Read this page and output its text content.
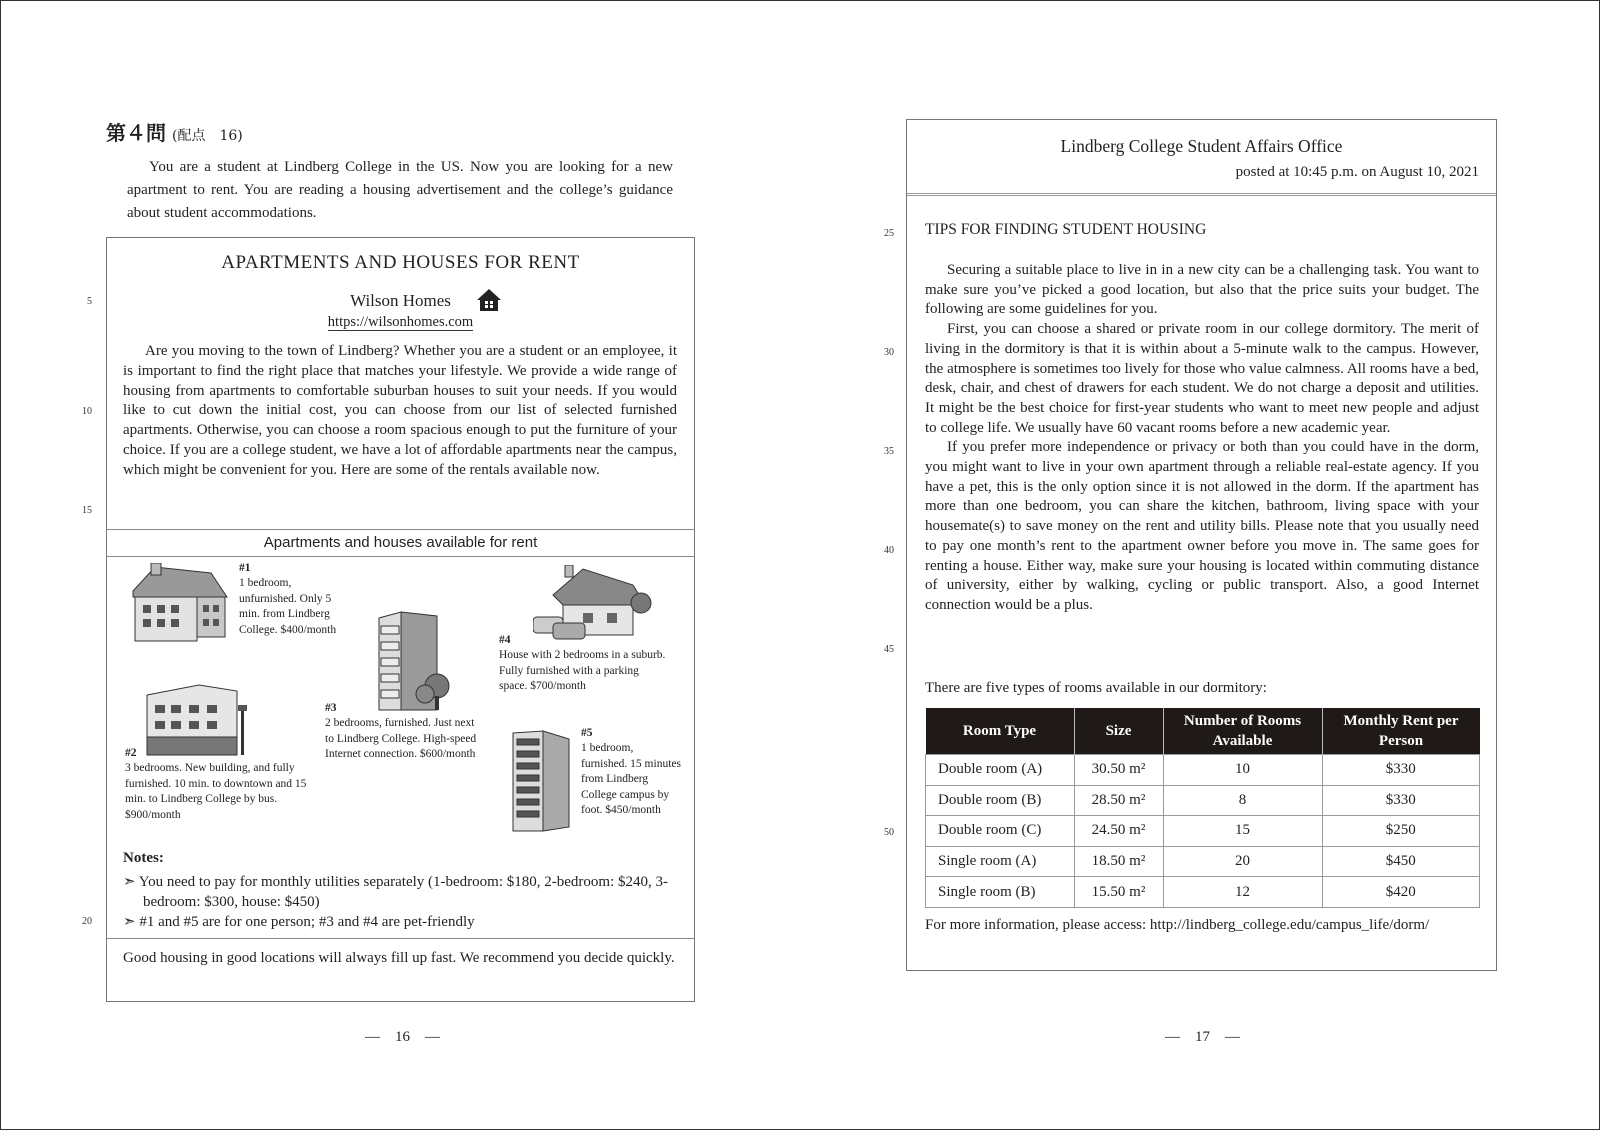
第４問 (配点　16)
You are a student at Lindberg College in the US. Now you are looking for a new apartment to rent. You are reading a housing advertisement and the college’s guidance about student accommodations.
5
10
15
20
APARTMENTS AND HOUSES FOR RENT
Wilson Homes
https://wilsonhomes.com
Are you moving to the town of Lindberg? Whether you are a student or an employee, it is important to find the right place that matches your lifestyle. We provide a wide range of housing from apartments to comfortable suburban houses to suit your needs. If you would like to cut down the initial cost, you can choose from our list of selected furnished apartments. Otherwise, you can choose a room spacious enough to put the furniture of your choice. If you are a college student, we have a lot of affordable apartments near the campus, which might be convenient for you. Here are some of the rentals available now.
Apartments and houses available for rent
#1
1 bedroom, unfurnished. Only 5 min. from Lindberg College. $400/month
#3
2 bedrooms, furnished. Just next to Lindberg College. High-speed Internet connection. $600/month
#4
House with 2 bedrooms in a suburb. Fully furnished with a parking space. $700/month
#2
3 bedrooms. New building, and fully furnished. 10 min. to downtown and 15 min. to Lindberg College by bus. $900/month
#5
1 bedroom, furnished. 15 minutes from Lindberg College campus by foot. $450/month
Notes:
➣ You need to pay for monthly utilities separately (1-bedroom: $180, 2-bedroom: $240, 3-bedroom: $300, house: $450)
➣ #1 and #5 are for one person; #3 and #4 are pet-friendly
Good housing in good locations will always fill up fast. We recommend you decide quickly.
—　16　—
25
30
35
40
45
50
Lindberg College Student Affairs Office
posted at 10:45 p.m. on August 10, 2021
TIPS FOR FINDING STUDENT HOUSING

Securing a suitable place to live in in a new city can be a challenging task. You want to make sure you’ve picked a good location, but also that the price suits your budget. The following are some guidelines for you.

First, you can choose a shared or private room in our college dormitory. The merit of living in the dormitory is that it is within about a 5-minute walk to the campus. However, the atmosphere is sometimes too lively for those who value calmness. All rooms have a bed, desk, chair, and chest of drawers for each student. We do not charge a deposit and utilities. It might be the best choice for first-year students who want to meet new people and adjust to college life. We usually have 60 vacant rooms before a new academic year.

If you prefer more independence or privacy or both than you could have in the dorm, you might want to live in your own apartment through a reliable real-estate agency. If you have a pet, this is the only option since it is not allowed in the dorm. If the apartment has more than one bedroom, you can share the kitchen, bathroom, living space with your housemate(s) to save money on the rent and utility bills. Please note that you usually need to pay one month’s rent to the apartment owner before you move in. The same goes for renting a house. Either way, make sure your housing is located within commuting distance of university, either by walking, cycling or public transport. Also, a good Internet connection would be a plus.

There are five types of rooms available in our dormitory:
Room Type	Size	Number of Rooms Available	Monthly Rent per Person
Double room (A)	30.50 m²	10	$330
Double room (B)	28.50 m²	8	$330
Double room (C)	24.50 m²	15	$250
Single room (A)	18.50 m²	20	$450
Single room (B)	15.50 m²	12	$420
For more information, please access: http://lindberg_college.edu/campus_life/dorm/
—　17　—
